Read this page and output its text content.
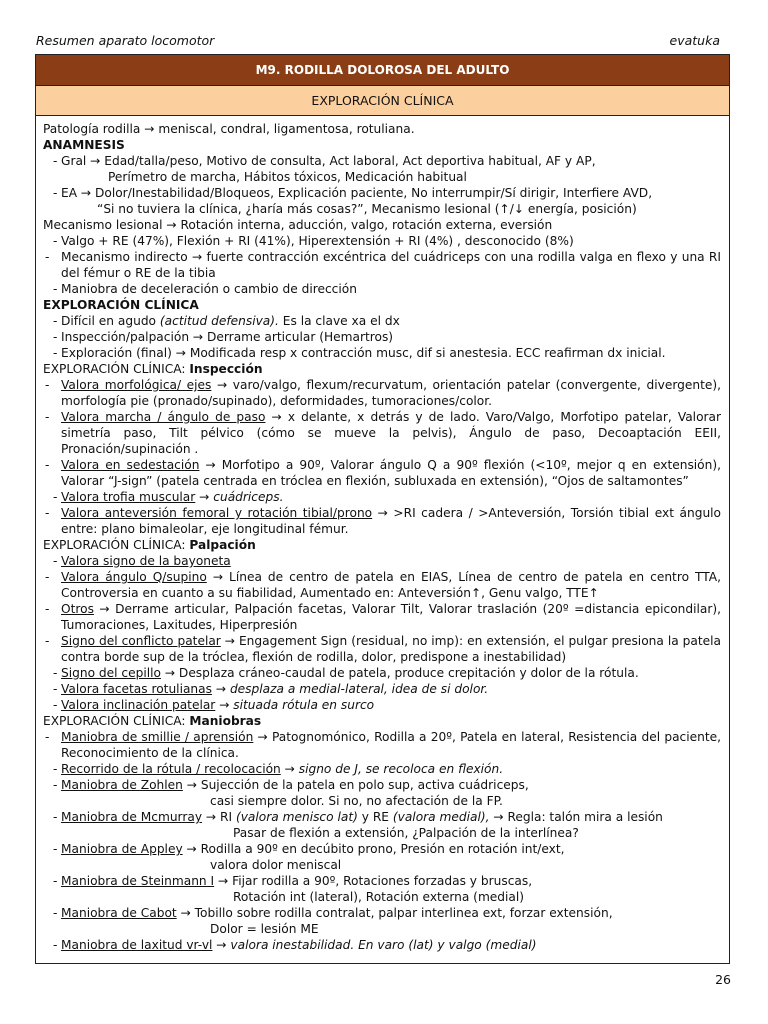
Resumen aparato locomotor	evatuka
M9. RODILLA DOLOROSA DEL ADULTO
EXPLORACIÓN CLÍNICA
Patología rodilla → meniscal, condral, ligamentosa, rotuliana.
ANAMNESIS
- Gral → Edad/talla/peso, Motivo de consulta, Act laboral, Act deportiva habitual, AF y AP,
Perímetro de marcha, Hábitos tóxicos, Medicación habitual
- EA → Dolor/Inestabilidad/Bloqueos, Explicación paciente, No interrumpir/Sí dirigir, Interfiere AVD,
“Si no tuviera la clínica, ¿haría más cosas?”, Mecanismo lesional (↑/↓ energía, posición)
Mecanismo lesional → Rotación interna, aducción, valgo, rotación externa, eversión
- Valgo + RE (47%), Flexión + RI (41%), Hiperextensión + RI (4%) , desconocido (8%)
- Mecanismo indirecto → fuerte contracción excéntrica del cuádriceps con una rodilla valga en flexo y una RI del fémur o RE de la tibia
- Maniobra de deceleración o cambio de dirección
EXPLORACIÓN CLÍNICA
- Difícil en agudo (actitud defensiva). Es la clave xa el dx
- Inspección/palpación → Derrame articular (Hemartros)
- Exploración (final) → Modificada resp x contracción musc, dif si anestesia. ECC reafirman dx inicial.
EXPLORACIÓN CLÍNICA: Inspección
- Valora morfológica/ ejes → varo/valgo, flexum/recurvatum, orientación patelar (convergente, divergente), morfología pie (pronado/supinado), deformidades, tumoraciones/color.
- Valora marcha / ángulo de paso → x delante, x detrás y de lado. Varo/Valgo, Morfotipo patelar, Valorar simetría paso, Tilt pélvico (cómo se mueve la pelvis), Ángulo de paso, Decoaptación EEII, Pronación/supinación .
- Valora en sedestación → Morfotipo a 90º, Valorar ángulo Q a 90º flexión (<10º, mejor q en extensión), Valorar “J-sign” (patela centrada en tróclea en flexión, subluxada en extensión), “Ojos de saltamontes”
- Valora trofia muscular → cuádriceps.
- Valora anteversión femoral y rotación tibial/prono → >RI cadera / >Anteversión, Torsión tibial ext ángulo entre: plano bimaleolar, eje longitudinal fémur.
EXPLORACIÓN CLÍNICA: Palpación
- Valora signo de la bayoneta
- Valora ángulo Q/supino → Línea de centro de patela en EIAS, Línea de centro de patela en centro TTA, Controversia en cuanto a su fiabilidad, Aumentado en: Anteversión↑, Genu valgo, TTE↑
- Otros → Derrame articular, Palpación facetas, Valorar Tilt, Valorar traslación (20º =distancia epicondilar), Tumoraciones, Laxitudes, Hiperpresión
- Signo del conflicto patelar → Engagement Sign (residual, no imp): en extensión, el pulgar presiona la patela contra borde sup de la tróclea, flexión de rodilla, dolor, predispone a inestabilidad)
- Signo del cepillo → Desplaza cráneo-caudal de patela, produce crepitación y dolor de la rótula.
- Valora facetas rotulianas → desplaza a medial-lateral, idea de si dolor.
- Valora inclinación patelar → situada rótula en surco
EXPLORACIÓN CLÍNICA: Maniobras
- Maniobra de smillie / aprensión → Patognomónico, Rodilla a 20º, Patela en lateral, Resistencia del paciente, Reconocimiento de la clínica.
- Recorrido de la rótula / recolocación → signo de J, se recoloca en flexión.
- Maniobra de Zohlen → Sujección de la patela en polo sup, activa cuádriceps,
casi siempre dolor. Si no, no afectación de la FP.
- Maniobra de Mcmurray → RI (valora menisco lat) y RE (valora medial), → Regla: talón mira a lesión
Pasar de flexión a extensión, ¿Palpación de la interlínea?
- Maniobra de Appley → Rodilla a 90º en decúbito prono, Presión en rotación int/ext,
valora dolor meniscal
- Maniobra de Steinmann I → Fijar rodilla a 90º, Rotaciones forzadas y bruscas,
Rotación int (lateral), Rotación externa (medial)
- Maniobra de Cabot → Tobillo sobre rodilla contralat, palpar interlinea ext, forzar extensión,
Dolor = lesión ME
- Maniobra de laxitud vr-vl → valora inestabilidad. En varo (lat) y valgo (medial)
26
